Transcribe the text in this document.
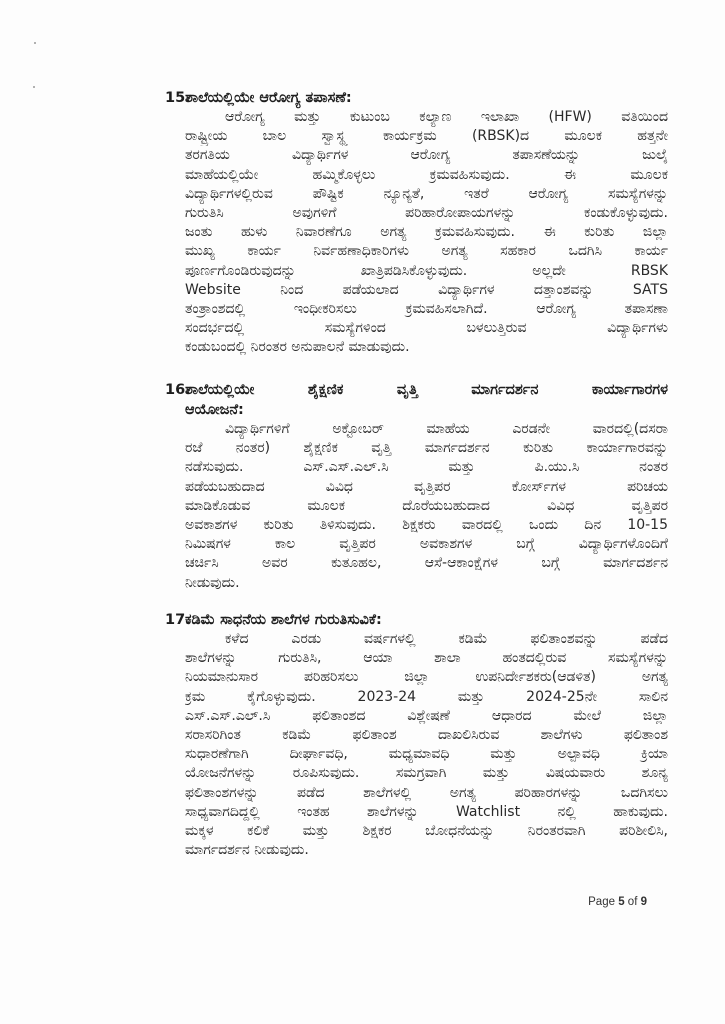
15.
ಶಾಲೆಯಲ್ಲಿಯೇ ಆರೋಗ್ಯ ತಪಾಸಣೆ:
ಆರೋಗ್ಯ ಮತ್ತು ಕುಟುಂಬ ಕಲ್ಯಾಣ ಇಲಾಖಾ (HFW) ವತಿಯಿಂದ
ರಾಷ್ಟ್ರೀಯ ಬಾಲ ಸ್ವಾಸ್ಥ್ಯ ಕಾರ್ಯಕ್ರಮ (RBSK)ದ ಮೂಲಕ ಹತ್ತನೇ
ತರಗತಿಯ ವಿದ್ಯಾರ್ಥಿಗಳ ಆರೋಗ್ಯ ತಪಾಸಣೆಯನ್ನು ಜುಲೈ
ಮಾಹೆಯಲ್ಲಿಯೇ ಹಮ್ಮಿಕೊಳ್ಳಲು ಕ್ರಮವಹಿಸುವುದು. ಈ ಮೂಲಕ
ವಿದ್ಯಾರ್ಥಿಗಳಲ್ಲಿರುವ ಪೌಷ್ಟಿಕ ನ್ಯೂನ್ಯತೆ, ಇತರೆ ಆರೋಗ್ಯ ಸಮಸ್ಯೆಗಳನ್ನು
ಗುರುತಿಸಿ ಅವುಗಳಿಗೆ ಪರಿಹಾರೋಪಾಯಗಳನ್ನು ಕಂಡುಕೊಳ್ಳುವುದು.
ಜಂತು ಹುಳು ನಿವಾರಣೆಗೂ ಅಗತ್ಯ ಕ್ರಮವಹಿಸುವುದು. ಈ ಕುರಿತು ಜಿಲ್ಲಾ
ಮುಖ್ಯ ಕಾರ್ಯ ನಿರ್ವಹಣಾಧಿಕಾರಿಗಳು ಅಗತ್ಯ ಸಹಕಾರ ಒದಗಿಸಿ ಕಾರ್ಯ
ಪೂರ್ಣಗೊಂಡಿರುವುದನ್ನು ಖಾತ್ರಿಪಡಿಸಿಕೊಳ್ಳುವುದು. ಅಲ್ಲದೇ RBSK
Website ನಿಂದ ಪಡೆಯಲಾದ ವಿದ್ಯಾರ್ಥಿಗಳ ದತ್ತಾಂಶವನ್ನು SATS
ತಂತ್ರಾಂಶದಲ್ಲಿ ಇಂಧೀಕರಿಸಲು ಕ್ರಮವಹಿಸಲಾಗಿದೆ. ಆರೋಗ್ಯ ತಪಾಸಣಾ
ಸಂದರ್ಭದಲ್ಲಿ ಸಮಸ್ಯೆಗಳಿಂದ ಬಳಲುತ್ತಿರುವ ವಿದ್ಯಾರ್ಥಿಗಳು
ಕಂಡುಬಂದಲ್ಲಿ ನಿರಂತರ ಅನುಪಾಲನೆ ಮಾಡುವುದು.
16.
ಶಾಲೆಯಲ್ಲಿಯೇ ಶೈಕ್ಷಣಿಕ ವೃತ್ತಿ ಮಾರ್ಗದರ್ಶನ ಕಾರ್ಯಾಗಾರಗಳ
ಆಯೋಜನೆ:
ವಿದ್ಯಾರ್ಥಿಗಳಿಗೆ ಅಕ್ಟೋಬರ್ ಮಾಹೆಯ ಎರಡನೇ ವಾರದಲ್ಲಿ(ದಸರಾ
ರಜೆ ನಂತರ) ಶೈಕ್ಷಣಿಕ ವೃತ್ತಿ ಮಾರ್ಗದರ್ಶನ ಕುರಿತು ಕಾರ್ಯಾಗಾರವನ್ನು
ನಡೆಸುವುದು. ಎಸ್.ಎಸ್.ಎಲ್.ಸಿ ಮತ್ತು ಪಿ.ಯು.ಸಿ ನಂತರ
ಪಡೆಯಬಹುದಾದ ವಿವಿಧ ವೃತ್ತಿಪರ ಕೋರ್ಸ್‌ಗಳ ಪರಿಚಯ
ಮಾಡಿಕೊಡುವ ಮೂಲಕ ದೊರೆಯಬಹುದಾದ ವಿವಿಧ ವೃತ್ತಿಪರ
ಅವಕಾಶಗಳ ಕುರಿತು ತಿಳಿಸುವುದು. ಶಿಕ್ಷಕರು ವಾರದಲ್ಲಿ ಒಂದು ದಿನ 10-15
ನಿಮಿಷಗಳ ಕಾಲ ವೃತ್ತಿಪರ ಅವಕಾಶಗಳ ಬಗ್ಗೆ ವಿದ್ಯಾರ್ಥಿಗಳೊಂದಿಗೆ
ಚರ್ಚಿಸಿ ಅವರ ಕುತೂಹಲ, ಆಸೆ-ಆಕಾಂಕ್ಷೆಗಳ ಬಗ್ಗೆ ಮಾರ್ಗದರ್ಶನ
ನೀಡುವುದು.
17.
ಕಡಿಮೆ ಸಾಧನೆಯ ಶಾಲೆಗಳ ಗುರುತಿಸುವಿಕೆ:
ಕಳೆದ ಎರಡು ವರ್ಷಗಳಲ್ಲಿ ಕಡಿಮೆ ಫಲಿತಾಂಶವನ್ನು ಪಡೆದ
ಶಾಲೆಗಳನ್ನು ಗುರುತಿಸಿ, ಆಯಾ ಶಾಲಾ ಹಂತದಲ್ಲಿರುವ ಸಮಸ್ಯೆಗಳನ್ನು
ನಿಯಮಾನುಸಾರ ಪರಿಹರಿಸಲು ಜಿಲ್ಲಾ ಉಪನಿರ್ದೇಶಕರು(ಆಡಳಿತ) ಅಗತ್ಯ
ಕ್ರಮ ಕೈಗೊಳ್ಳುವುದು. 2023-24 ಮತ್ತು 2024-25ನೇ ಸಾಲಿನ
ಎಸ್.ಎಸ್.ಎಲ್.ಸಿ ಫಲಿತಾಂಶದ ವಿಶ್ಲೇಷಣೆ ಆಧಾರದ ಮೇಲೆ ಜಿಲ್ಲಾ
ಸರಾಸರಿಗಿಂತ ಕಡಿಮೆ ಫಲಿತಾಂಶ ದಾಖಲಿಸಿರುವ ಶಾಲೆಗಳು ಫಲಿತಾಂಶ
ಸುಧಾರಣೆಗಾಗಿ ದೀರ್ಘಾವಧಿ, ಮಧ್ಯಮಾವಧಿ ಮತ್ತು ಅಲ್ಪಾವಧಿ ಕ್ರಿಯಾ
ಯೋಜನೆಗಳನ್ನು ರೂಪಿಸುವುದು. ಸಮಗ್ರವಾಗಿ ಮತ್ತು ವಿಷಯವಾರು ಶೂನ್ಯ
ಫಲಿತಾಂಶಗಳನ್ನು ಪಡೆದ ಶಾಲೆಗಳಲ್ಲಿ ಅಗತ್ಯ ಪರಿಹಾರಗಳನ್ನು ಒದಗಿಸಲು
ಸಾಧ್ಯವಾಗದಿದ್ದಲ್ಲಿ ಇಂತಹ ಶಾಲೆಗಳನ್ನು Watchlist ನಲ್ಲಿ ಹಾಕುವುದು.
ಮಕ್ಕಳ ಕಲಿಕೆ ಮತ್ತು ಶಿಕ್ಷಕರ ಬೋಧನೆಯನ್ನು ನಿರಂತರವಾಗಿ ಪರಿಶೀಲಿಸಿ,
ಮಾರ್ಗದರ್ಶನ ನೀಡುವುದು.
Page 5 of 9
